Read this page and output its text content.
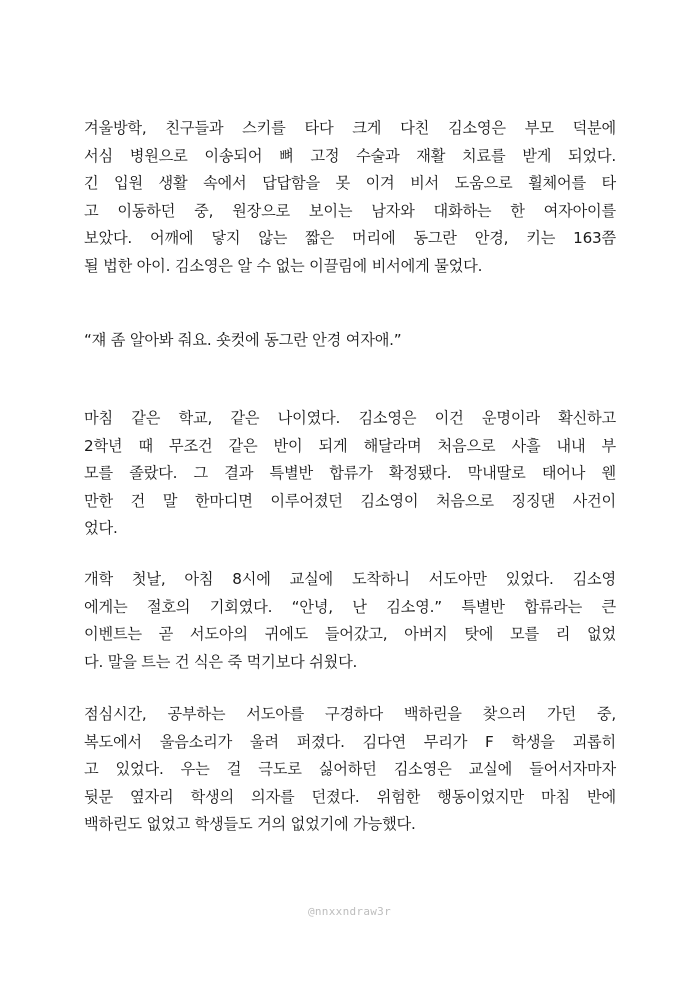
겨울방학, 친구들과 스키를 타다 크게 다친 김소영은 부모 덕분에
서심 병원으로 이송되어 뼈 고정 수술과 재활 치료를 받게 되었다.
긴 입원 생활 속에서 답답함을 못 이겨 비서 도움으로 휠체어를 타
고 이동하던 중, 원장으로 보이는 남자와 대화하는 한 여자아이를
보았다. 어깨에 닿지 않는 짧은 머리에 동그란 안경, 키는 163쯤
될 법한 아이. 김소영은 알 수 없는 이끌림에 비서에게 물었다.

“쟤 좀 알아봐 줘요. 숏컷에 동그란 안경 여자애.”

마침 같은 학교, 같은 나이였다. 김소영은 이건 운명이라 확신하고
2학년 때 무조건 같은 반이 되게 해달라며 처음으로 사흘 내내 부
모를 졸랐다. 그 결과 특별반 합류가 확정됐다. 막내딸로 태어나 웬
만한 건 말 한마디면 이루어졌던 김소영이 처음으로 징징댄 사건이
었다.

개학 첫날, 아침 8시에 교실에 도착하니 서도아만 있었다. 김소영
에게는 절호의 기회였다. “안녕, 난 김소영.” 특별반 합류라는 큰
이벤트는 곧 서도아의 귀에도 들어갔고, 아버지 탓에 모를 리 없었
다. 말을 트는 건 식은 죽 먹기보다 쉬웠다.

점심시간, 공부하는 서도아를 구경하다 백하린을 찾으러 가던 중,
복도에서 울음소리가 울려 퍼졌다. 김다연 무리가 F 학생을 괴롭히
고 있었다. 우는 걸 극도로 싫어하던 김소영은 교실에 들어서자마자
뒷문 옆자리 학생의 의자를 던졌다. 위험한 행동이었지만 마침 반에
백하린도 없었고 학생들도 거의 없었기에 가능했다.

@nnxxndraw3r
